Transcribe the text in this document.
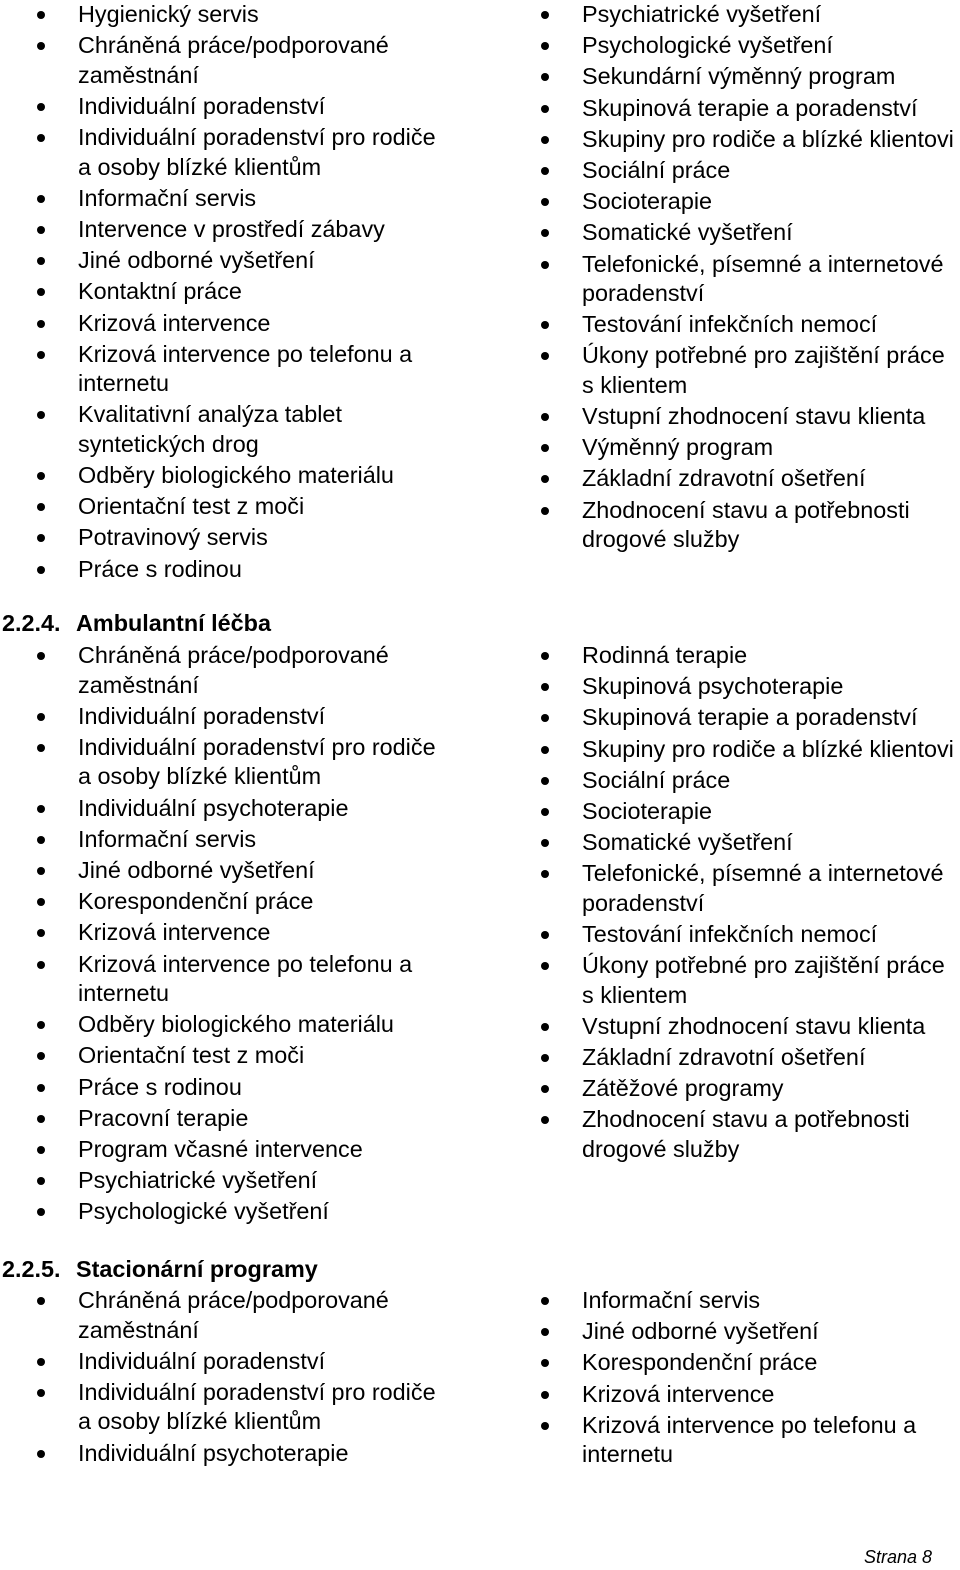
Hygienický servis
Chráněná práce/podporované zaměstnání
Individuální poradenství
Individuální poradenství pro rodiče a osoby blízké klientům
Informační servis
Intervence v prostředí zábavy
Jiné odborné vyšetření
Kontaktní práce
Krizová intervence
Krizová intervence po telefonu a internetu
Kvalitativní analýza tablet syntetických drog
Odběry biologického materiálu
Orientační test z moči
Potravinový servis
Práce s rodinou
Psychiatrické vyšetření
Psychologické vyšetření
Sekundární výměnný program
Skupinová terapie a poradenství
Skupiny pro rodiče a blízké klientovi
Sociální práce
Socioterapie
Somatické vyšetření
Telefonické, písemné a internetové poradenství
Testování infekčních nemocí
Úkony potřebné pro zajištění práce s klientem
Vstupní zhodnocení stavu klienta
Výměnný program
Základní zdravotní ošetření
Zhodnocení stavu a potřebnosti drogové služby
2.2.4. Ambulantní léčba
Chráněná práce/podporované zaměstnání
Individuální poradenství
Individuální poradenství pro rodiče a osoby blízké klientům
Individuální psychoterapie
Informační servis
Jiné odborné vyšetření
Korespondenční práce
Krizová intervence
Krizová intervence po telefonu a internetu
Odběry biologického materiálu
Orientační test z moči
Práce s rodinou
Pracovní terapie
Program včasné intervence
Psychiatrické vyšetření
Psychologické vyšetření
Rodinná terapie
Skupinová psychoterapie
Skupinová terapie a poradenství
Skupiny pro rodiče a blízké klientovi
Sociální práce
Socioterapie
Somatické vyšetření
Telefonické, písemné a internetové poradenství
Testování infekčních nemocí
Úkony potřebné pro zajištění práce s klientem
Vstupní zhodnocení stavu klienta
Základní zdravotní ošetření
Zátěžové programy
Zhodnocení stavu a potřebnosti drogové služby
2.2.5. Stacionární programy
Chráněná práce/podporované zaměstnání
Individuální poradenství
Individuální poradenství pro rodiče a osoby blízké klientům
Individuální psychoterapie
Informační servis
Jiné odborné vyšetření
Korespondenční práce
Krizová intervence
Krizová intervence po telefonu a internetu
Strana 8
